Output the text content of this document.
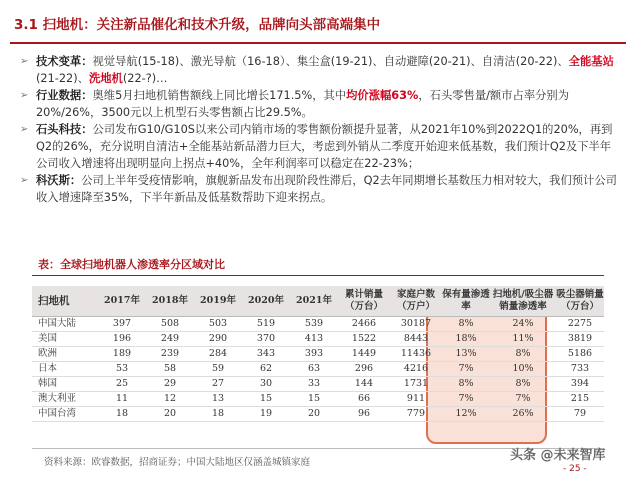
3.1 扫地机：关注新品催化和技术升级，品牌向头部高端集中
➢ 技术变革：视觉导航(15-18)、激光导航（16-18）、集尘盒(19-21)、自动避障(20-21)、自清洁(20-22)、全能基站(21-22)、洗地机(22-?)…
➢ 行业数据：奥维5月扫地机销售额线上同比增长171.5%，其中均价涨幅63%，石头零售量/额市占率分别为20%/26%，3500元以上机型石头零售额占比29.5%。
➢ 石头科技：公司发布G10/G10S以来公司内销市场的零售额份额提升显著，从2021年10%到2022Q1的20%，再到Q2的26%，充分说明自清洁+全能基站新品潜力巨大，考虑到外销从二季度开始迎来低基数，我们预计Q2及下半年公司收入增速将出现明显向上拐点+40%，全年利润率可以稳定在22-23%；
➢ 科沃斯：公司上半年受疫情影响，旗舰新品发布出现阶段性滞后，Q2去年同期增长基数压力相对较大，我们预计公司收入增速降至35%，下半年新品及低基数帮助下迎来拐点。
表：全球扫地机器人渗透率分区域对比
扫地机	2017年	2018年	2019年	2020年	2021年	累计销量（万台）	家庭户数（万户）	保有量渗透率	扫地机/吸尘器销量渗透率	吸尘器销量（万台）
中国大陆	397	508	503	519	539	2466	30187	8%	24%	2275
美国	196	249	290	370	413	1522	8443	18%	11%	3819
欧洲	189	239	284	343	393	1449	11436	13%	8%	5186
日本	53	58	59	62	63	296	4216	7%	10%	733
韩国	25	29	27	30	33	144	1731	8%	8%	394
澳大利亚	11	12	13	15	15	66	911	7%	7%	215
中国台湾	18	20	18	19	20	96	779	12%	26%	79
资料来源：欧睿数据，招商证券；中国大陆地区仅涵盖城镇家庭	头条 @未来智库
- 25 -
